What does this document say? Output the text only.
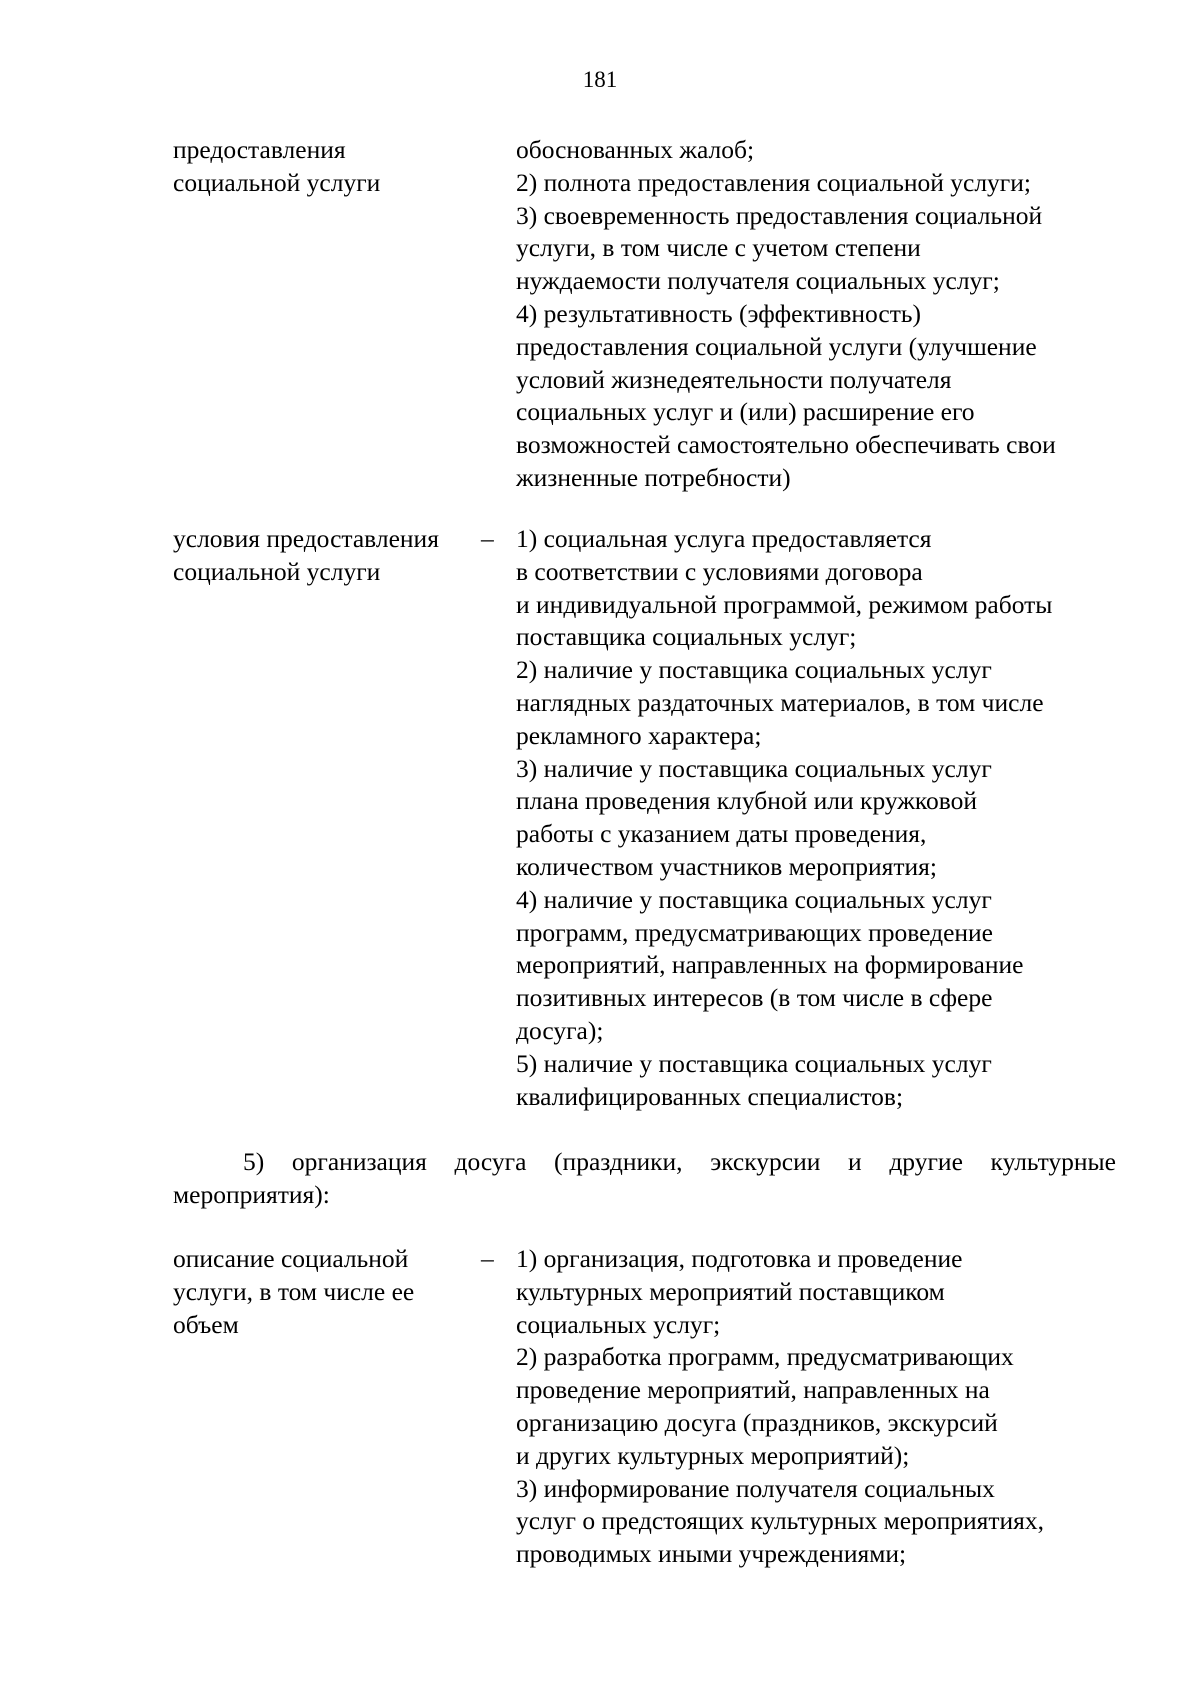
181
предоставления
социальной услуги
обоснованных жалоб;
2) полнота предоставления социальной услуги;
3) своевременность предоставления социальной
услуги, в том числе с учетом степени
нуждаемости получателя социальных услуг;
4) результативность (эффективность)
предоставления социальной услуги (улучшение
условий жизнедеятельности получателя
социальных услуг и (или) расширение его
возможностей самостоятельно обеспечивать свои
жизненные потребности)
условия предоставления
социальной услуги
– 1) социальная услуга предоставляется
в соответствии с условиями договора
и индивидуальной программой, режимом работы
поставщика социальных услуг;
2) наличие у поставщика социальных услуг
наглядных раздаточных материалов, в том числе
рекламного характера;
3) наличие у поставщика социальных услуг
плана проведения клубной или кружковой
работы с указанием даты проведения,
количеством участников мероприятия;
4) наличие у поставщика социальных услуг
программ, предусматривающих проведение
мероприятий, направленных на формирование
позитивных интересов (в том числе в сфере
досуга);
5) наличие у поставщика социальных услуг
квалифицированных специалистов;
5) организация досуга (праздники, экскурсии и другие культурные
мероприятия):
описание социальной
услуги, в том числе ее
объем
– 1) организация, подготовка и проведение
культурных мероприятий поставщиком
социальных услуг;
2) разработка программ, предусматривающих
проведение мероприятий, направленных на
организацию досуга (праздников, экскурсий
и других культурных мероприятий);
3) информирование получателя социальных
услуг о предстоящих культурных мероприятиях,
проводимых иными учреждениями;
